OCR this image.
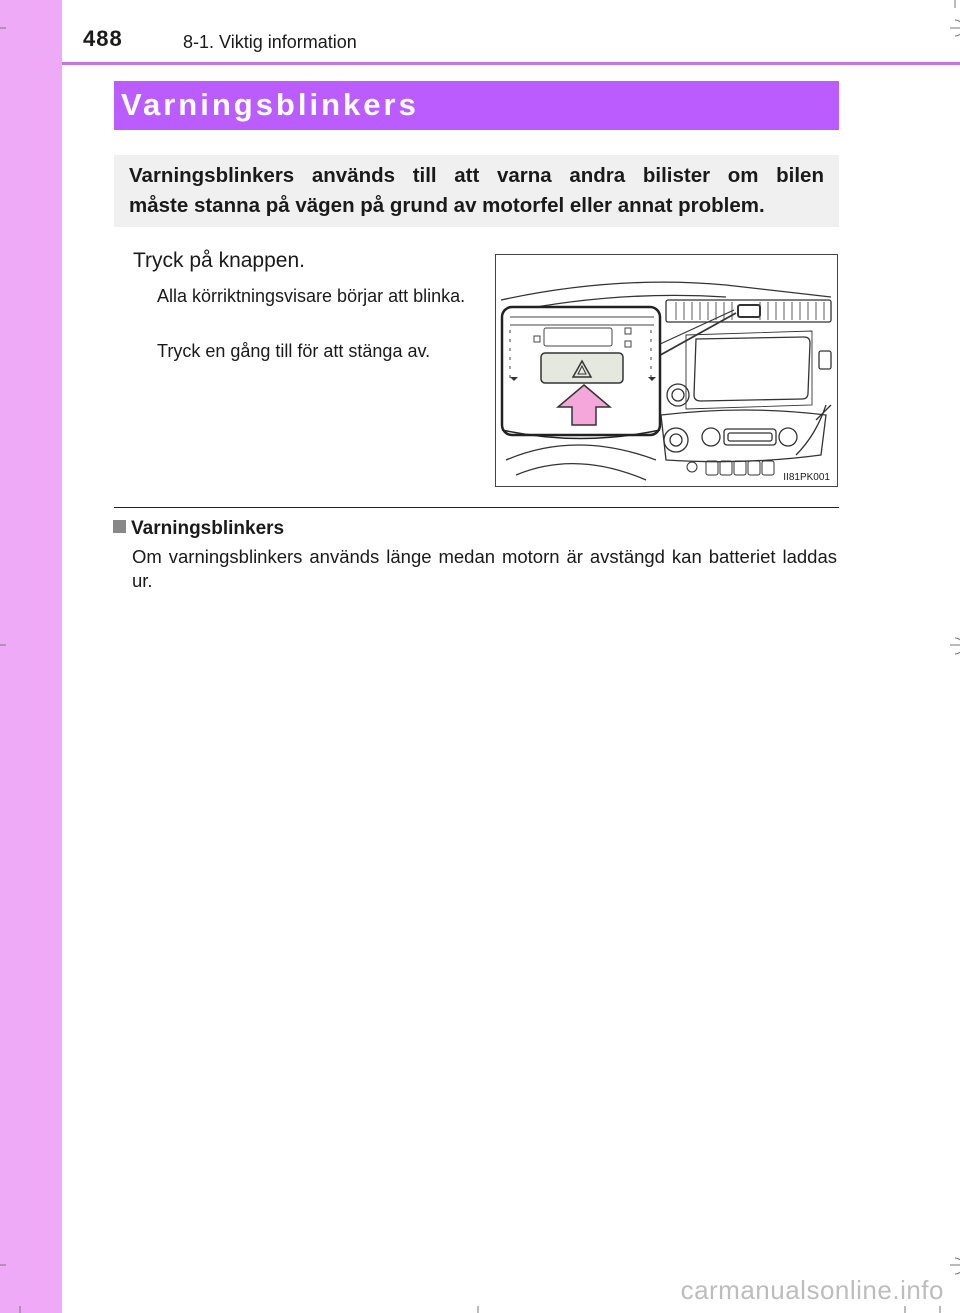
488	8-1. Viktig information
Varningsblinkers

Varningsblinkers används till att varna andra bilister om bilen
måste stanna på vägen på grund av motorfel eller annat problem.

Tryck på knappen.
Alla körriktningsvisare börjar att blinka.
Tryck en gång till för att stänga av.
II81PK001
Varningsblinkers
Om varningsblinkers används länge medan motorn är avstängd kan batteriet laddas ur.
carmanualsonline.info
